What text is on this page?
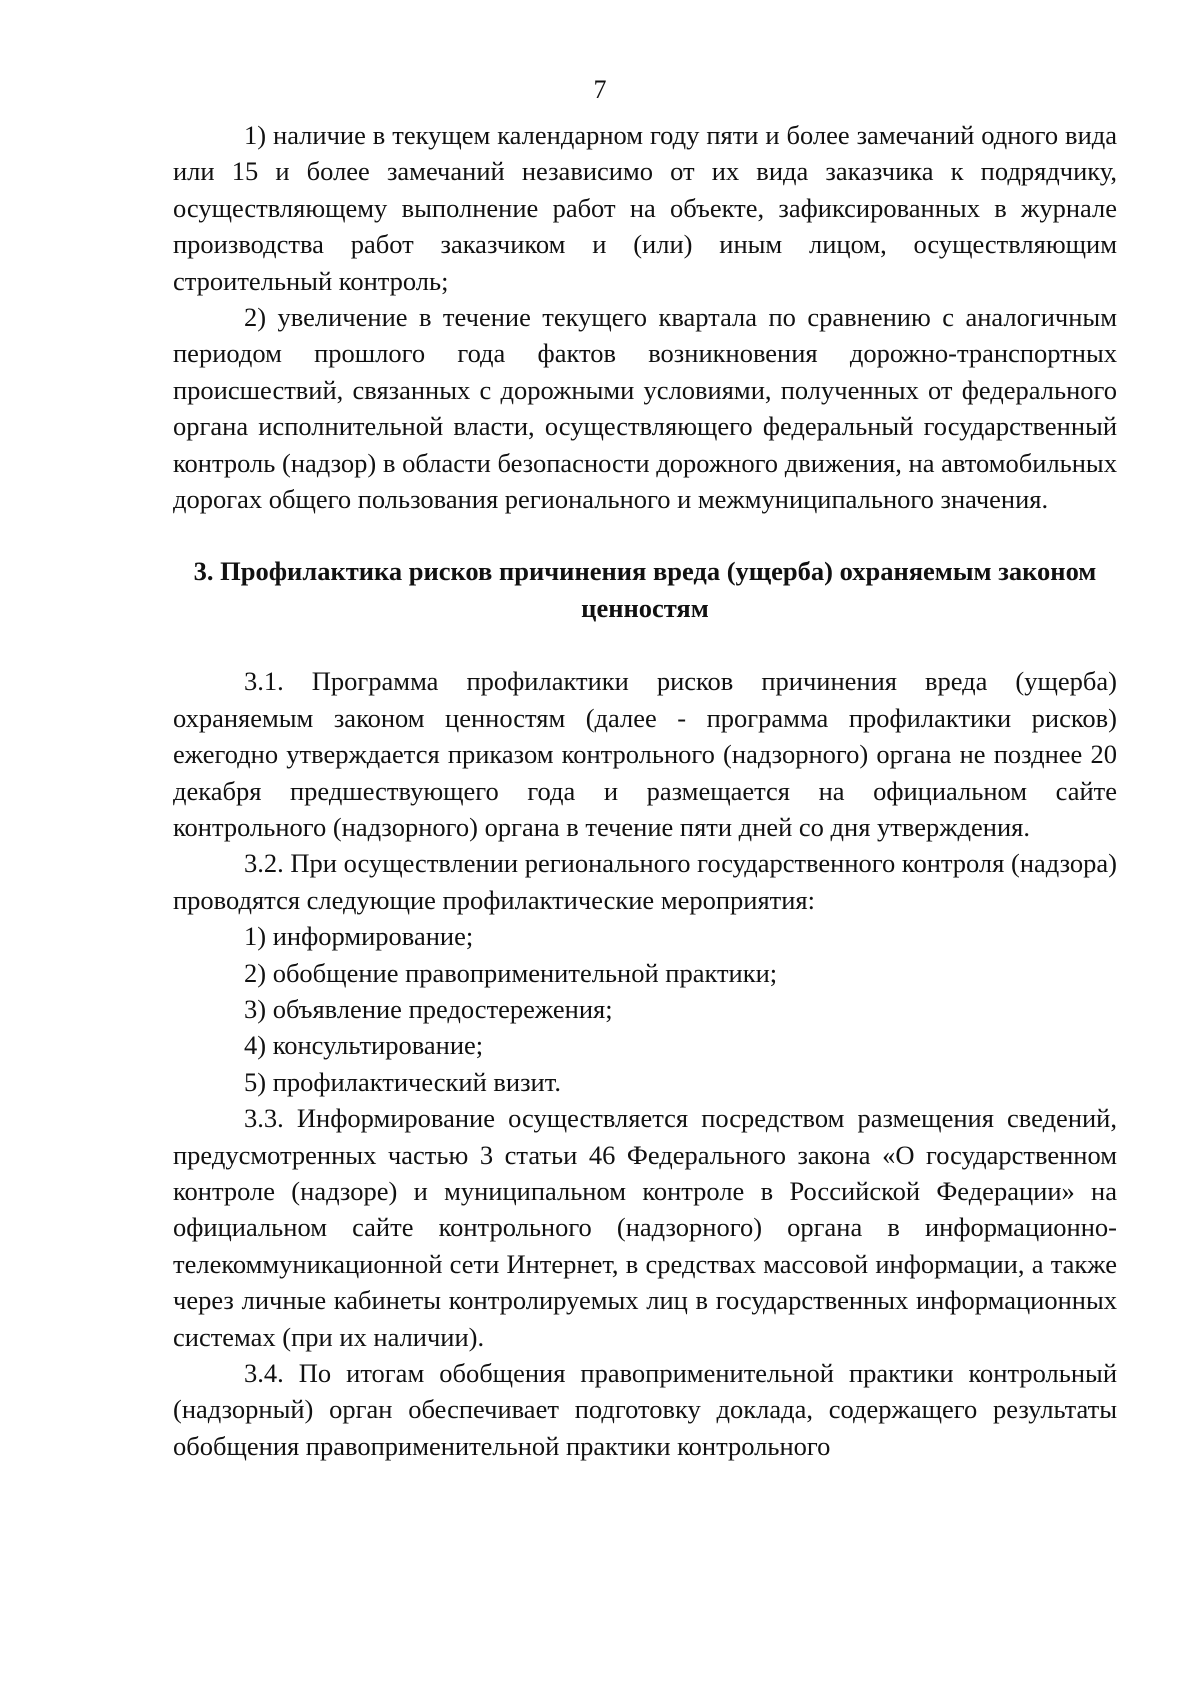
7

1) наличие в текущем календарном году пяти и более замечаний одного вида или 15 и более замечаний независимо от их вида заказчика к подрядчику, осуществляющему выполнение работ на объекте, зафиксированных в журнале производства работ заказчиком и (или) иным лицом, осуществляющим строительный контроль;

2) увеличение в течение текущего квартала по сравнению с аналогичным периодом прошлого года фактов возникновения дорожно-транспортных происшествий, связанных с дорожными условиями, полученных от федерального органа исполнительной власти, осуществляющего федеральный государственный контроль (надзор) в области безопасности дорожного движения, на автомобильных дорогах общего пользования регионального и межмуниципального значения.

3. Профилактика рисков причинения вреда (ущерба) охраняемым законом ценностям

3.1. Программа профилактики рисков причинения вреда (ущерба) охраняемым законом ценностям (далее - программа профилактики рисков) ежегодно утверждается приказом контрольного (надзорного) органа не позднее 20 декабря предшествующего года и размещается на официальном сайте контрольного (надзорного) органа в течение пяти дней со дня утверждения.

3.2. При осуществлении регионального государственного контроля (надзора) проводятся следующие профилактические мероприятия:

1) информирование;

2) обобщение правоприменительной практики;

3) объявление предостережения;

4) консультирование;

5) профилактический визит.

3.3. Информирование осуществляется посредством размещения сведений, предусмотренных частью 3 статьи 46 Федерального закона «О государственном контроле (надзоре) и муниципальном контроле в Российской Федерации» на официальном сайте контрольного (надзорного) органа в информационно-телекоммуникационной сети Интернет, в средствах массовой информации, а также через личные кабинеты контролируемых лиц в государственных информационных системах (при их наличии).

3.4. По итогам обобщения правоприменительной практики контрольный (надзорный) орган обеспечивает подготовку доклада, содержащего результаты обобщения правоприменительной практики контрольного
